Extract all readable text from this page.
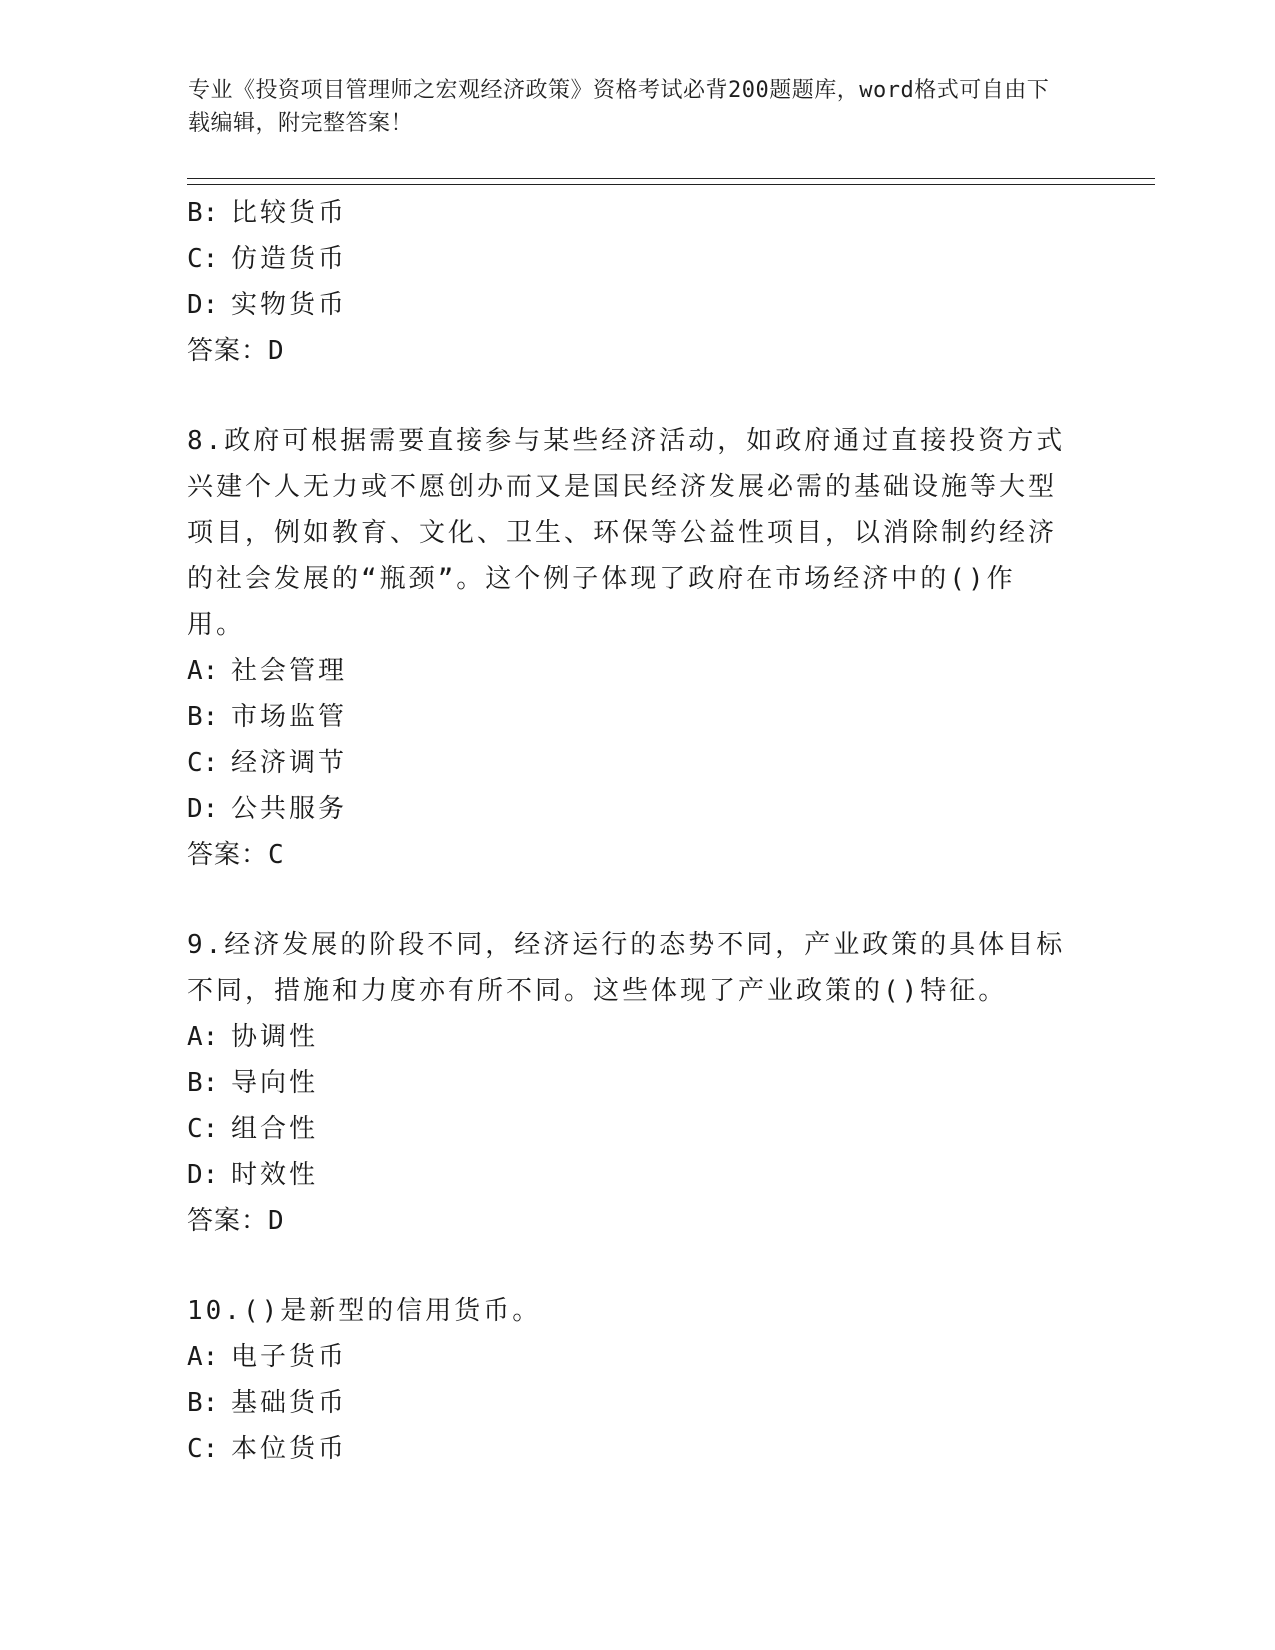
专业《投资项目管理师之宏观经济政策》资格考试必背200题题库，word格式可自由下载编辑，附完整答案！
B: 比较货币
C: 仿造货币
D: 实物货币
答案：D
8.政府可根据需要直接参与某些经济活动，如政府通过直接投资方式兴建个人无力或不愿创办而又是国民经济发展必需的基础设施等大型项目，例如教育、文化、卫生、环保等公益性项目，以消除制约经济的社会发展的“瓶颈”。这个例子体现了政府在市场经济中的()作用。
A: 社会管理
B: 市场监管
C: 经济调节
D: 公共服务
答案：C
9.经济发展的阶段不同，经济运行的态势不同，产业政策的具体目标不同，措施和力度亦有所不同。这些体现了产业政策的()特征。
A: 协调性
B: 导向性
C: 组合性
D: 时效性
答案：D
10.()是新型的信用货币。
A: 电子货币
B: 基础货币
C: 本位货币
